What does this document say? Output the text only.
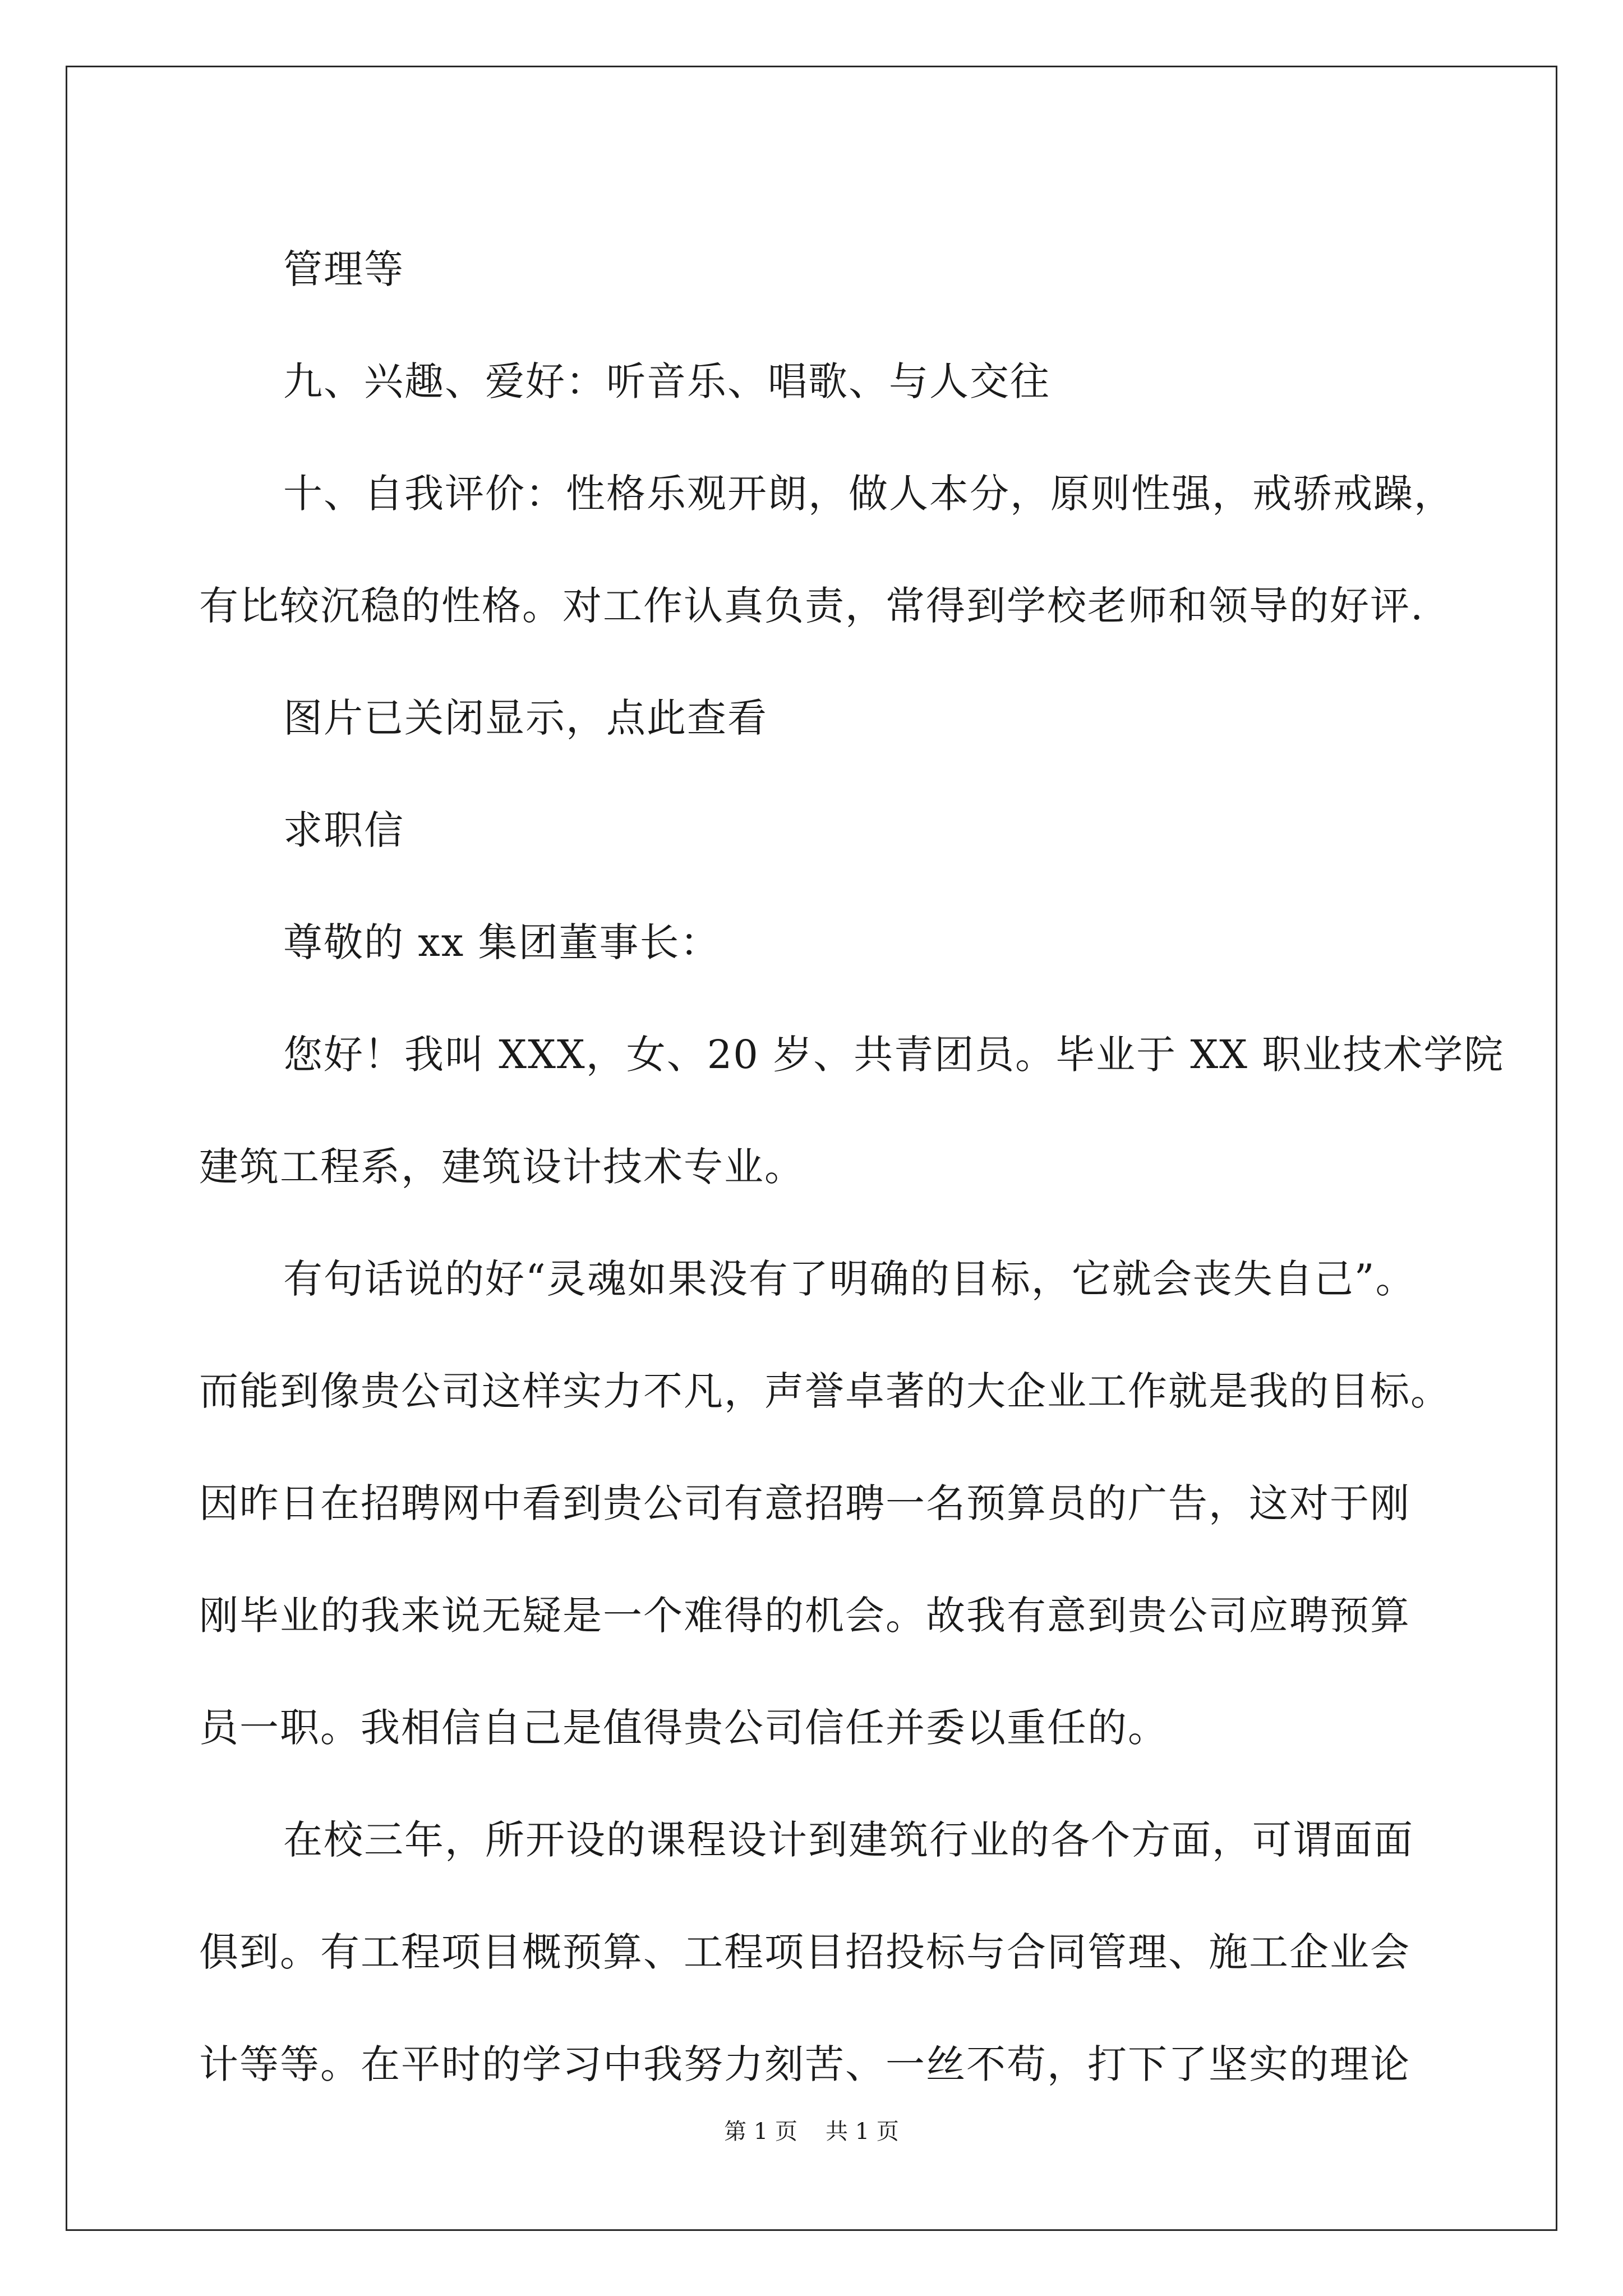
管理等
九、兴趣、爱好：听音乐、唱歌、与人交往
十、自我评价：性格乐观开朗，做人本分，原则性强，戒骄戒躁，
有比较沉稳的性格。对工作认真负责，常得到学校老师和领导的好评.
图片已关闭显示，点此查看
求职信
尊敬的 xx 集团董事长：
您好！我叫 XXX，女、20 岁、共青团员。毕业于 XX 职业技术学院
建筑工程系，建筑设计技术专业。
有句话说的好“灵魂如果没有了明确的目标，它就会丧失自己”。
而能到像贵公司这样实力不凡，声誉卓著的大企业工作就是我的目标。
因昨日在招聘网中看到贵公司有意招聘一名预算员的广告，这对于刚
刚毕业的我来说无疑是一个难得的机会。故我有意到贵公司应聘预算
员一职。我相信自己是值得贵公司信任并委以重任的。
在校三年，所开设的课程设计到建筑行业的各个方面，可谓面面
俱到。有工程项目概预算、工程项目招投标与合同管理、施工企业会
计等等。在平时的学习中我努力刻苦、一丝不苟，打下了坚实的理论
第 1 页 共 1 页
